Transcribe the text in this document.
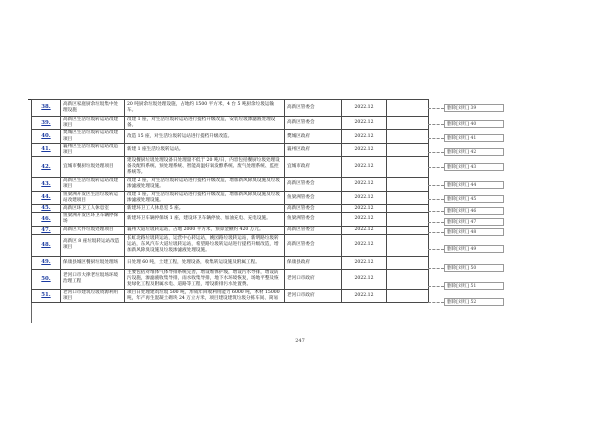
38.	高新区家庭厨余垃圾集中处理设施	20 吨厨余垃圾处理设施，占地约 1500 平方米，4 台 5 吨厨余垃圾运输车。	高新区管委会	2022.12	
39.	高新区生活垃圾转运站改建项目	改建 1 座，对生活垃圾转运站进行提档升级改造，安装垃圾渗滤液处理设备。	高新区管委会	2022.12	
40.	樊城区生活垃圾转运站改建项目	改造 15 座，对生活垃圾转运站进行提档升级改造。	樊城区政府	2022.12	
41.	襄州区生活垃圾转运站改造项目	新建 1 座生活垃圾转运站。	襄州区政府	2022.12	
42.	宜城市餐厨垃圾处理项目	建设餐厨垃圾处理设备日处理量不低于 20 吨/日，内容包括餐厨垃圾处理设备及配料系统、预处理系统、智能高温好氧发酵系统、废气处理系统、监控系统等。	宜城市政府	2022.12	
43.	高新区生活垃圾转运站改建项目	改建 2 座，对生活垃圾转运站进行提档升级改造，增加新风除臭设施及垃圾渗滤液处理设施。	高新区管委会	2022.12	
44.	鱼梁洲开发区生活垃圾转运站改建项目	改建 1 座，对生活垃圾转运站进行提档升级改造，增加新风除臭设施及垃圾渗滤液处理设施。	鱼梁洲管委会	2022.12	
45.	高新区环卫工人休息室	新建环卫工人休息室 5 座。	高新区管委会	2022.12	
46.	鱼梁洲开发区环卫车辆停保场	新建环卫车辆停保场 1 座，建设环卫车辆停放、加油充电、充电设施。	鱼梁洲管委会	2022.12	
47.	高新区大件垃圾处理项目	襄州大道垃圾转运站，占地 2000 平方米，预算金额约 420 万元。	高新区管委会	2022.12	
48.	高新区 8 座垃圾转运站改造项目	长虹北路垃圾转运站，运营中心转运站，姚园路垃圾转运站，新明路垃圾转运站，东风汽车大道垃圾转运站，希望路垃圾转运站进行提档升级改造，增加新风除臭设施及垃圾渗滤液处理设施。	高新区管委会	2022.12	
49.	保康县城区餐厨垃圾处理场	日处理 60 吨，土建工程，处理设备，收集转运设施及附属工程。	保康县政府	2022.12	
50.	老河口市大律老垃圾场环境治理工程	主要包括对堆体气体导排系统完善，增设堆体护坡，增设污水导排，增设防污设施，渗滤液收集导排，雨水收集导排，地下水环境恢复，场地平整及恢复绿化工程及附属水电、道路等工程，增设新排污水处置费。	老河口市政府	2022.12	
51.	老河口市建筑垃圾资源利用项目	项目日处理建筑垃圾 500 吨，形成年回收利用能力 6000 吨，木材 15000 吨，年产再生混凝土砌块 24 万立方米，项目建设建筑垃圾分拣车间、简易	老河口市政府	2022.12	
删除[刘红] 39
删除[刘红] 40
删除[刘红] 41
删除[刘红] 42
删除[刘红] 43
删除[刘红] 44
删除[刘红] 45
删除[刘红] 46
删除[刘红] 47
删除[刘红] 48
删除[刘红] 49
删除[刘红] 50
删除[刘红] 51
删除[刘红] 52
247
